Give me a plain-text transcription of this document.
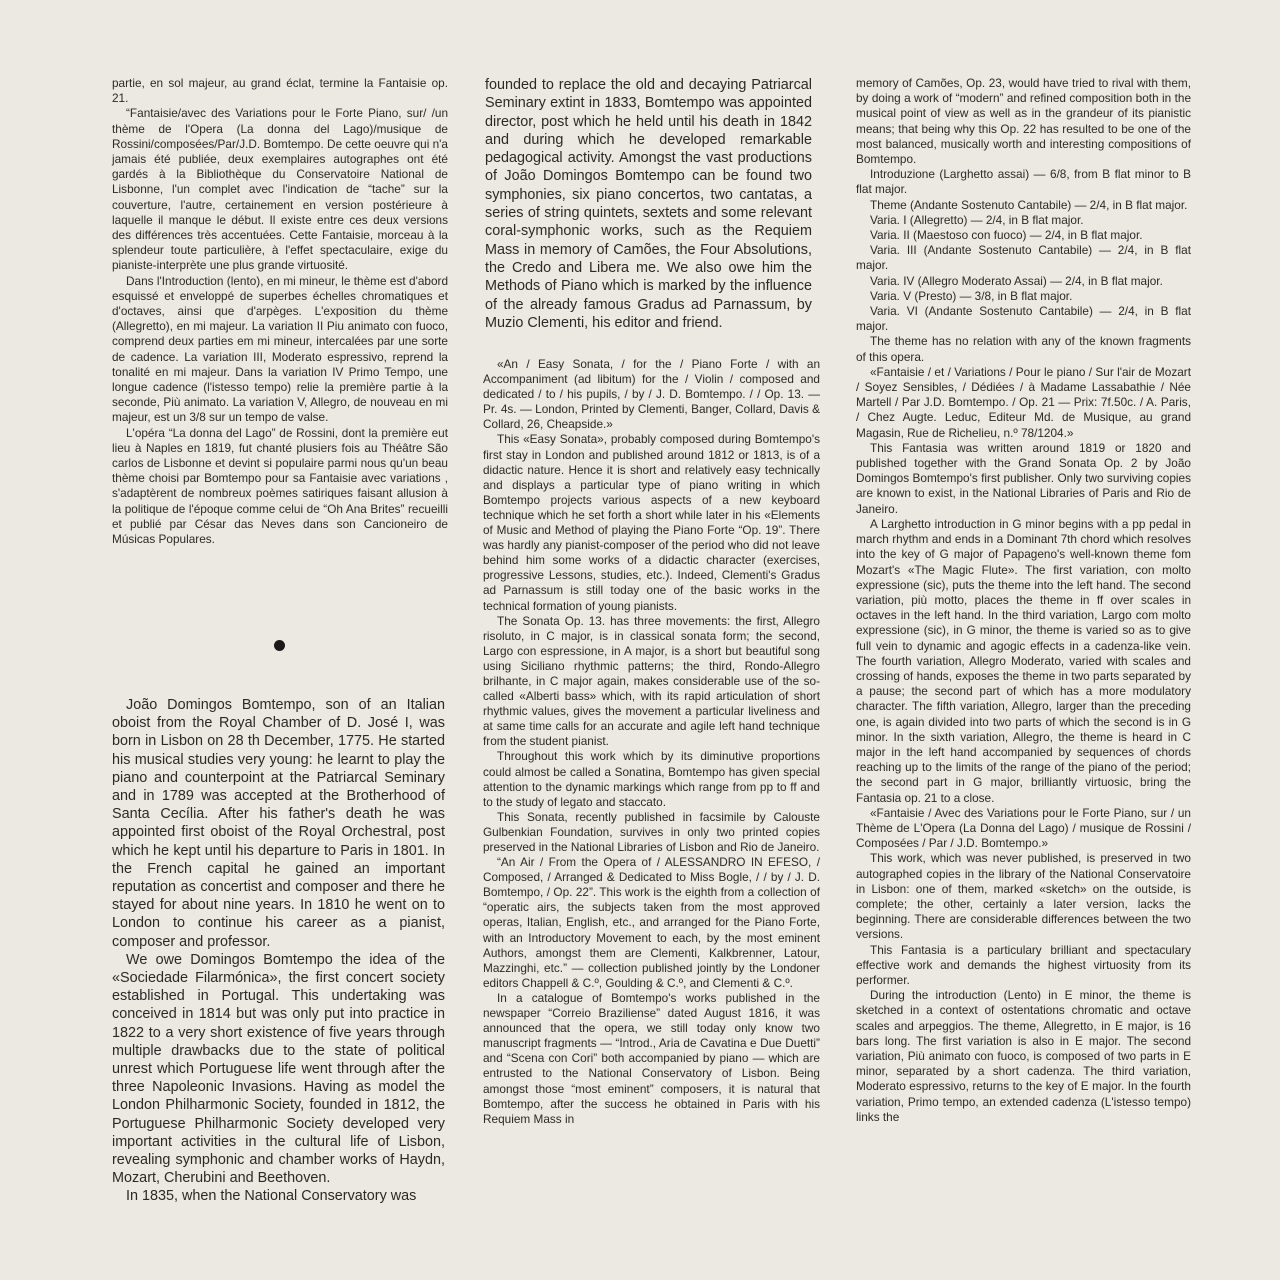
partie, en sol majeur, au grand éclat, termine la Fantaisie op. 21.

“Fantaisie/avec des Variations pour le Forte Piano, sur/ /un thème de l'Opera (La donna del Lago)/musique de Rossini/composées/Par/J.D. Bomtempo. De cette oeuvre qui n'a jamais été publiée, deux exemplaires autographes ont été gardés à la Bibliothèque du Conservatoire National de Lisbonne, l'un complet avec l'indication de “tache” sur la couverture, l'autre, certainement en version postérieure à laquelle il manque le début. Il existe entre ces deux versions des différences très accentuées. Cette Fantaisie, morceau à la splendeur toute particulière, à l'effet spectaculaire, exige du pianiste-interprète une plus grande virtuosité.

Dans l'Introduction (lento), en mi mineur, le thème est d'abord esquissé et enveloppé de superbes échelles chromatiques et d'octaves, ainsi que d'arpèges. L'exposition du thème (Allegretto), en mi majeur. La variation II Piu animato con fuoco, comprend deux parties em mi mineur, intercalées par une sorte de cadence. La variation III, Moderato espressivo, reprend la tonalité en mi majeur. Dans la variation IV Primo Tempo, une longue cadence (l'istesso tempo) relie la première partie à la seconde, Più animato. La variation V, Allegro, de nouveau en mi majeur, est un 3/8 sur un tempo de valse.

L'opéra “La donna del Lago” de Rossini, dont la première eut lieu à Naples en 1819, fut chanté plusiers fois au Théâtre São carlos de Lisbonne et devint si populaire parmi nous qu'un beau thème choisi par Bomtempo pour sa Fantaisie avec variations , s'adaptèrent de nombreux poèmes satiriques faisant allusion à la politique de l'époque comme celui de “Oh Ana Brites” recueilli et publié par César das Neves dans son Cancioneiro de Músicas Populares.

João Domingos Bomtempo, son of an Italian oboist from the Royal Chamber of D. José I, was born in Lisbon on 28 th December, 1775. He started his musical studies very young: he learnt to play the piano and counterpoint at the Patriarcal Seminary and in 1789 was accepted at the Brotherhood of Santa Cecília. After his father's death he was appointed first oboist of the Royal Orchestral, post which he kept until his departure to Paris in 1801. In the French capital he gained an important reputation as concertist and composer and there he stayed for about nine years. In 1810 he went on to London to continue his career as a pianist, composer and professor.

We owe Domingos Bomtempo the idea of the «Sociedade Filarmónica», the first concert society established in Portugal. This undertaking was conceived in 1814 but was only put into practice in 1822 to a very short existence of five years through multiple drawbacks due to the state of political unrest which Portuguese life went through after the three Napoleonic Invasions. Having as model the London Philharmonic Society, founded in 1812, the Portuguese Philharmonic Society developed very important activities in the cultural life of Lisbon, revealing symphonic and chamber works of Haydn, Mozart, Cherubini and Beethoven.

In 1835, when the National Conservatory was

founded to replace the old and decaying Patriarcal Seminary extint in 1833, Bomtempo was appointed director, post which he held until his death in 1842 and during which he developed remarkable pedagogical activity. Amongst the vast productions of João Domingos Bomtempo can be found two symphonies, six piano concertos, two cantatas, a series of string quintets, sextets and some relevant coral-symphonic works, such as the Requiem Mass in memory of Camões, the Four Absolutions, the Credo and Libera me. We also owe him the Methods of Piano which is marked by the influence of the already famous Gradus ad Parnassum, by Muzio Clementi, his editor and friend.

«An / Easy Sonata, / for the / Piano Forte / with an Accompaniment (ad libitum) for the / Violin / composed and dedicated / to / his pupils, / by / J. D. Bomtempo. / / Op. 13. — Pr. 4s. — London, Printed by Clementi, Banger, Collard, Davis & Collard, 26, Cheapside.»

This «Easy Sonata», probably composed during Bomtempo's first stay in London and published around 1812 or 1813, is of a didactic nature. Hence it is short and relatively easy technically and displays a particular type of piano writing in which Bomtempo projects various aspects of a new keyboard technique which he set forth a short while later in his «Elements of Music and Method of playing the Piano Forte “Op. 19”. There was hardly any pianist-composer of the period who did not leave behind him some works of a didactic character (exercises, progressive Lessons, studies, etc.). Indeed, Clementi's Gradus ad Parnassum is still today one of the basic works in the technical formation of young pianists.

The Sonata Op. 13. has three movements: the first, Allegro risoluto, in C major, is in classical sonata form; the second, Largo con espressione, in A major, is a short but beautiful song using Siciliano rhythmic patterns; the third, Rondo-Allegro brilhante, in C major again, makes considerable use of the so-called «Alberti bass» which, with its rapid articulation of short rhythmic values, gives the movement a particular liveliness and at same time calls for an accurate and agile left hand technique from the student pianist.

Throughout this work which by its diminutive proportions could almost be called a Sonatina, Bomtempo has given special attention to the dynamic markings which range from pp to ff and to the study of legato and staccato.

This Sonata, recently published in facsimile by Calouste Gulbenkian Foundation, survives in only two printed copies preserved in the National Libraries of Lisbon and Rio de Janeiro.

“An Air / From the Opera of / ALESSANDRO IN EFESO, / Composed, / Arranged & Dedicated to Miss Bogle, / / by / J. D. Bomtempo, / Op. 22”. This work is the eighth from a collection of “operatic airs, the subjects taken from the most approved operas, Italian, English, etc., and arranged for the Piano Forte, with an Introductory Movement to each, by the most eminent Authors, amongst them are Clementi, Kalkbrenner, Latour, Mazzinghi, etc.” — collection published jointly by the Londoner editors Chappell & C.º, Goulding & C.º, and Clementi & C.º.

In a catalogue of Bomtempo's works published in the newspaper “Correio Braziliense” dated August 1816, it was announced that the opera, we still today only know two manuscript fragments — “Introd., Aria de Cavatina e Due Duetti” and “Scena con Cori” both accompanied by piano — which are entrusted to the National Conservatory of Lisbon. Being amongst those “most eminent” composers, it is natural that Bomtempo, after the success he obtained in Paris with his Requiem Mass in

memory of Camões, Op. 23, would have tried to rival with them, by doing a work of “modern” and refined composition both in the musical point of view as well as in the grandeur of its pianistic means; that being why this Op. 22 has resulted to be one of the most balanced, musically worth and interesting compositions of Bomtempo.

Introduzione (Larghetto assai) — 6/8, from B flat minor to B flat major.

Theme (Andante Sostenuto Cantabile) — 2/4, in B flat major.

Varia. I (Allegretto) — 2/4, in B flat major.

Varia. II (Maestoso con fuoco) — 2/4, in B flat major.

Varia. III (Andante Sostenuto Cantabile) — 2/4, in B flat major.

Varia. IV (Allegro Moderato Assai) — 2/4, in B flat major.

Varia. V (Presto) — 3/8, in B flat major.

Varia. VI (Andante Sostenuto Cantabile) — 2/4, in B flat major.

The theme has no relation with any of the known fragments of this opera.

«Fantaisie / et / Variations / Pour le piano / Sur l'air de Mozart / Soyez Sensibles, / Dédiées / à Madame Lassabathie / Née Martell / Par J.D. Bomtempo. / Op. 21 — Prix: 7f.50c. / A. Paris, / Chez Augte. Leduc, Editeur Md. de Musique, au grand Magasin, Rue de Richelieu, n.º 78/1204.»

This Fantasia was written around 1819 or 1820 and published together with the Grand Sonata Op. 2 by João Domingos Bomtempo's first publisher. Only two surviving copies are known to exist, in the National Libraries of Paris and Rio de Janeiro.

A Larghetto introduction in G minor begins with a pp pedal in march rhythm and ends in a Dominant 7th chord which resolves into the key of G major of Papageno's well-known theme fom Mozart's «The Magic Flute». The first variation, con molto expressione (sic), puts the theme into the left hand. The second variation, più motto, places the theme in ff over scales in octaves in the left hand. In the third variation, Largo com molto expressione (sic), in G minor, the theme is varied so as to give full vein to dynamic and agogic effects in a cadenza-like vein. The fourth variation, Allegro Moderato, varied with scales and crossing of hands, exposes the theme in two parts separated by a pause; the second part of which has a more modulatory character. The fifth variation, Allegro, larger than the preceding one, is again divided into two parts of which the second is in G minor. In the sixth variation, Allegro, the theme is heard in C major in the left hand accompanied by sequences of chords reaching up to the limits of the range of the piano of the period; the second part in G major, brilliantly virtuosic, bring the Fantasia op. 21 to a close.

«Fantaisie / Avec des Variations pour le Forte Piano, sur / un Thème de L'Opera (La Donna del Lago) / musique de Rossini / Composées / Par / J.D. Bomtempo.»

This work, which was never published, is preserved in two autographed copies in the library of the National Conservatoire in Lisbon: one of them, marked «sketch» on the outside, is complete; the other, certainly a later version, lacks the beginning. There are considerable differences between the two versions.

This Fantasia is a particulary brilliant and spectaculary effective work and demands the highest virtuosity from its performer.

During the introduction (Lento) in E minor, the theme is sketched in a context of ostentations chromatic and octave scales and arpeggios. The theme, Allegretto, in E major, is 16 bars long. The first variation is also in E major. The second variation, Più animato con fuoco, is composed of two parts in E minor, separated by a short cadenza. The third variation, Moderato espressivo, returns to the key of E major. In the fourth variation, Primo tempo, an extended cadenza (L'istesso tempo) links the
